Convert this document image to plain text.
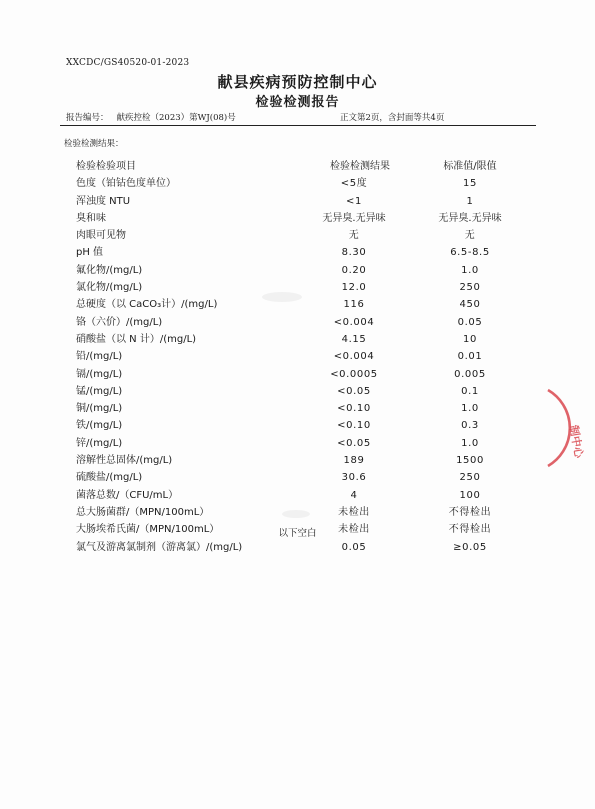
XXCDC/GS40520-01-2023
献县疾病预防控制中心
检验检测报告
报告编号： 献疾控检（2023）第WJ(08)号	正文第2页，含封面等共4页
检验检测结果：
检验检验项目	检验检测结果	标准值/限值
色度（铂钴色度单位）	<5度	15
浑浊度 NTU	<1	1
臭和味	无异臭.无异味	无异臭.无异味
肉眼可见物	无	无
pH 值	8.30	6.5-8.5
氟化物/(mg/L)	0.20	1.0
氯化物/(mg/L)	12.0	250
总硬度（以 CaCO₃计）/(mg/L)	116	450
铬（六价）/(mg/L)	<0.004	0.05
硝酸盐（以 N 计）/(mg/L)	4.15	10
铅/(mg/L)	<0.004	0.01
镉/(mg/L)	<0.0005	0.005
锰/(mg/L)	<0.05	0.1
铜/(mg/L)	<0.10	1.0
铁/(mg/L)	<0.10	0.3
锌/(mg/L)	<0.05	1.0
溶解性总固体/(mg/L)	189	1500
硫酸盐/(mg/L)	30.6	250
菌落总数/（CFU/mL）	4	100
总大肠菌群/（MPN/100mL）	未检出	不得检出
大肠埃希氏菌/（MPN/100mL）	未检出	不得检出
氯气及游离氯制剂（游离氯）/(mg/L)	0.05	≥0.05
以下空白
制中心
